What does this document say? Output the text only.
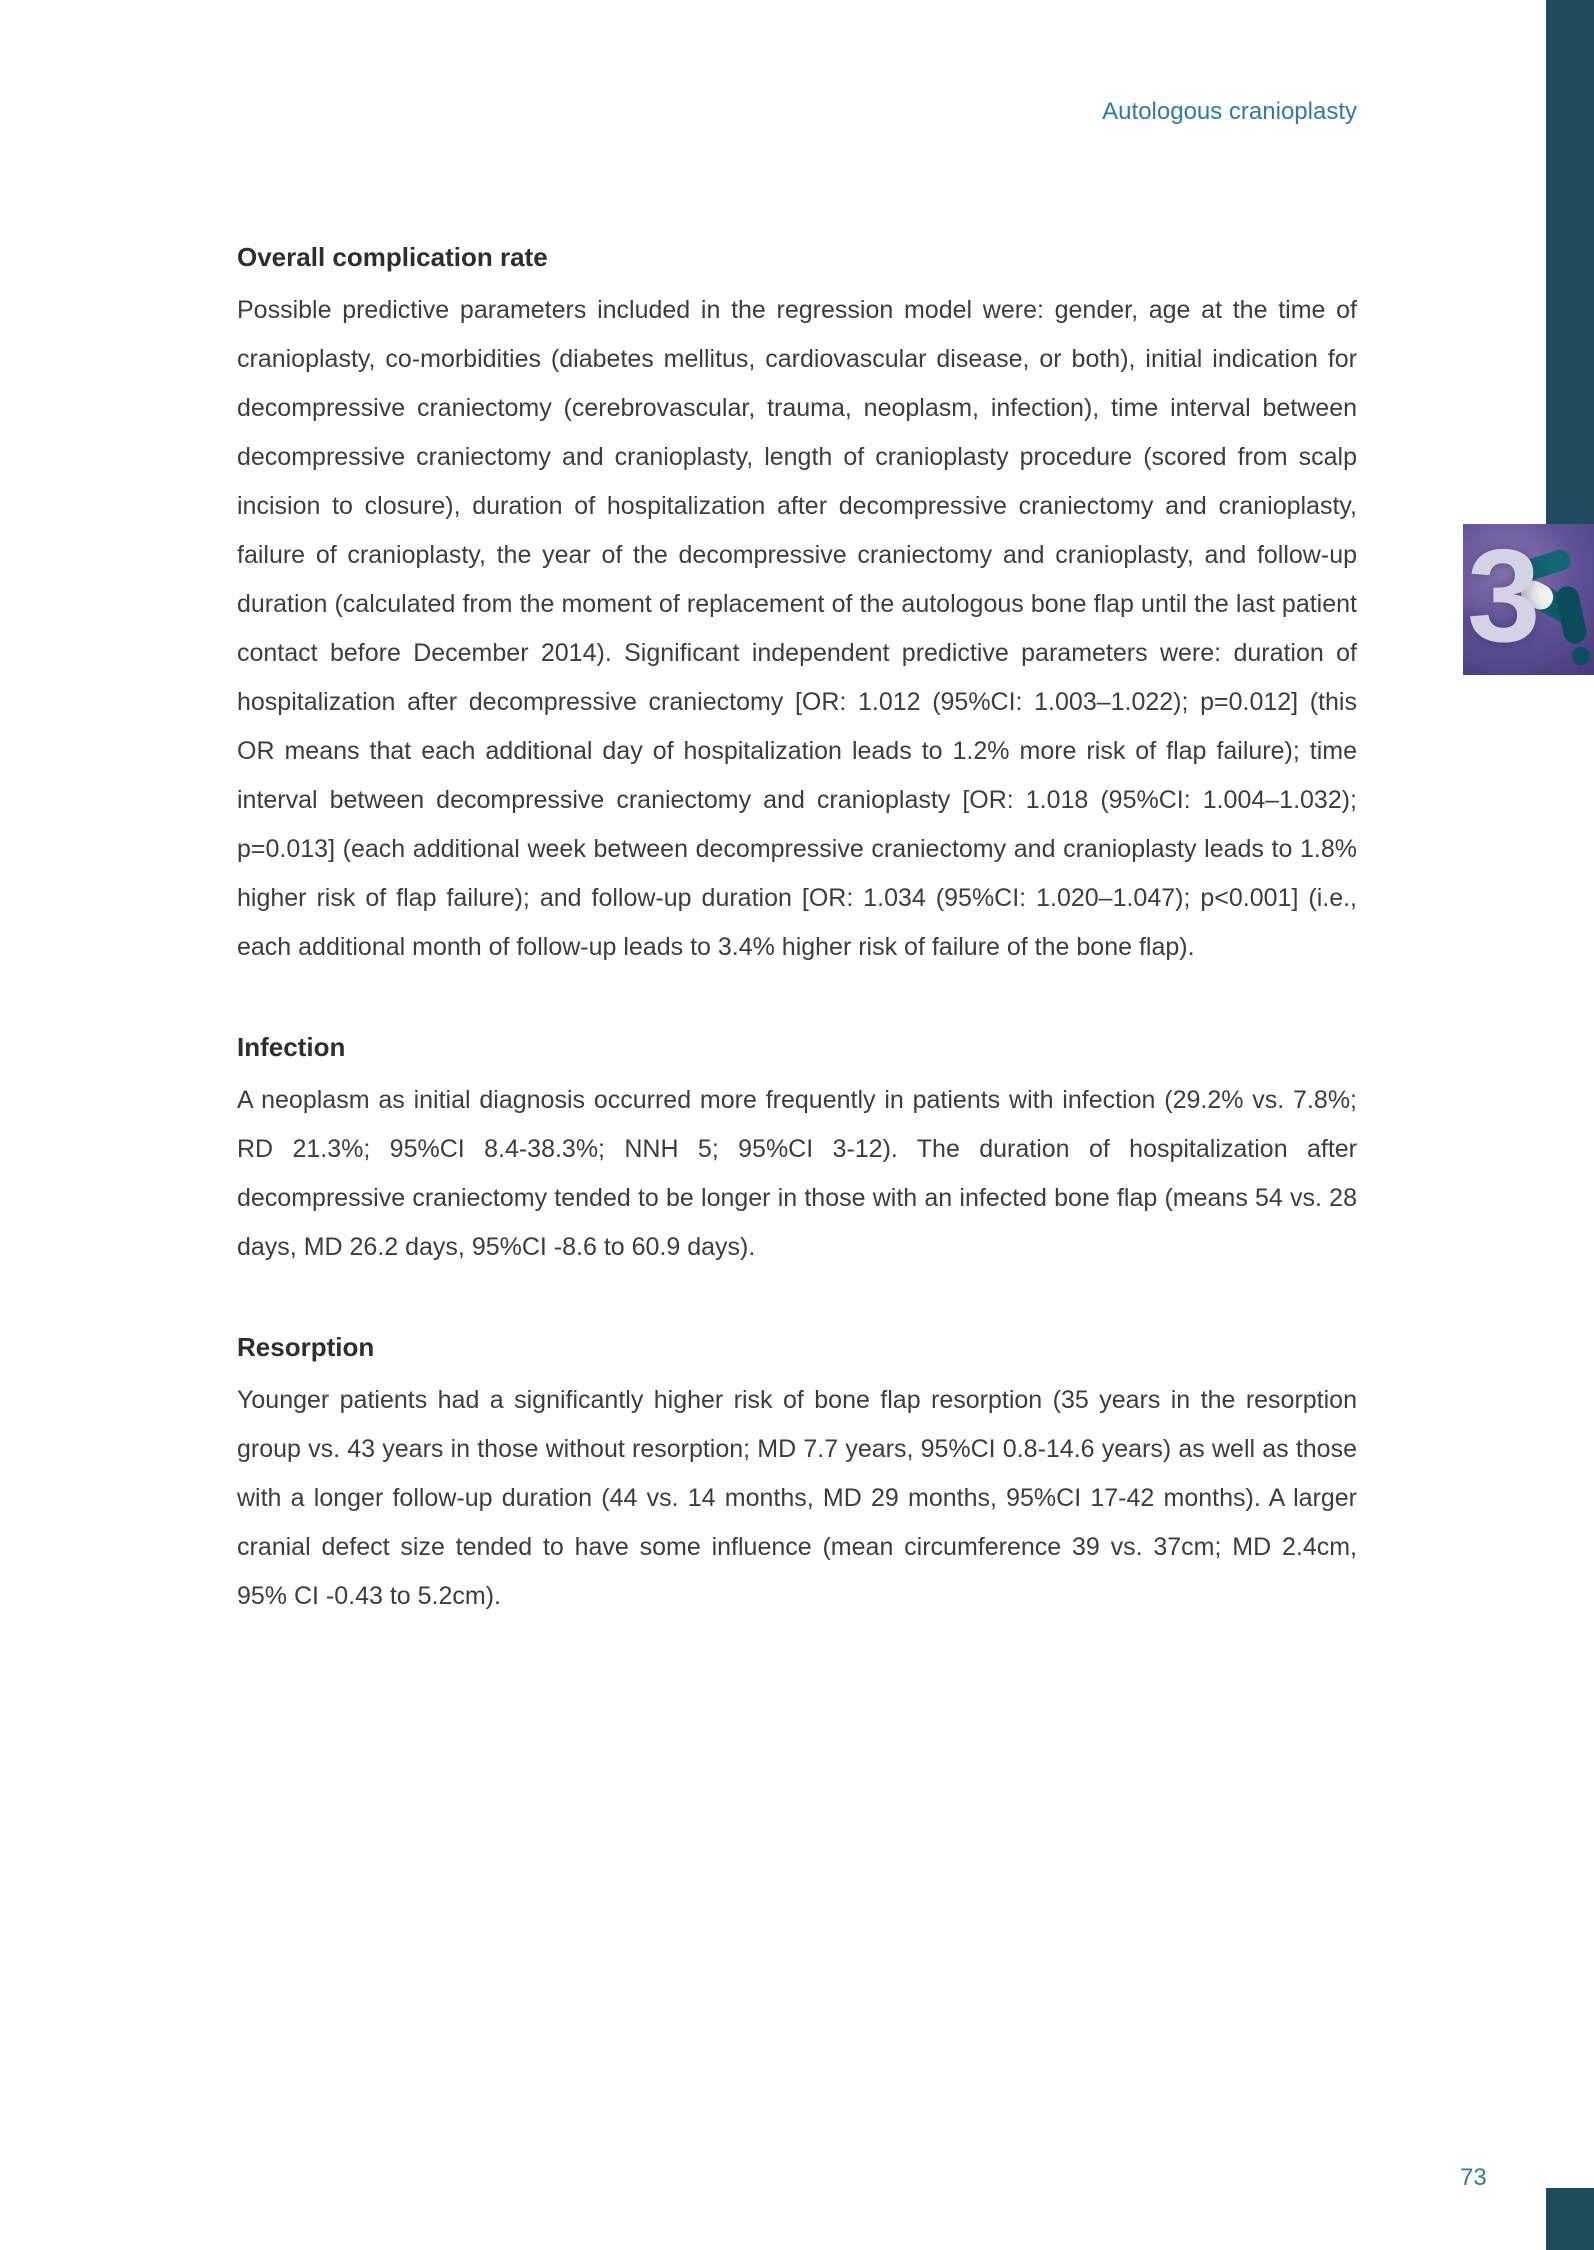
3
Autologous cranioplasty
Overall complication rate

Possible predictive parameters included in the regression model were: gender, age at the time of cranioplasty, co-morbidities (diabetes mellitus, cardiovascular disease, or both), initial indication for decompressive craniectomy (cerebrovascular, trauma, neoplasm, infection), time interval between decompressive craniectomy and cranioplasty, length of cranioplasty procedure (scored from scalp incision to closure), duration of hospitalization after decompressive craniectomy and cranioplasty, failure of cranioplasty, the year of the decompressive craniectomy and cranioplasty, and follow-up duration (calculated from the moment of replacement of the autologous bone flap until the last patient contact before December 2014). Significant independent predictive parameters were: duration of hospitalization after decompressive craniectomy [OR: 1.012 (95%CI: 1.003–1.022); p=0.012] (this OR means that each additional day of hospitalization leads to 1.2% more risk of flap failure); time interval between decompressive craniectomy and cranioplasty [OR: 1.018 (95%CI: 1.004–1.032); p=0.013] (each additional week between decompressive craniectomy and cranioplasty leads to 1.8% higher risk of flap failure); and follow-up duration [OR: 1.034 (95%CI: 1.020–1.047); p<0.001] (i.e., each additional month of follow-up leads to 3.4% higher risk of failure of the bone flap).

Infection

A neoplasm as initial diagnosis occurred more frequently in patients with infection (29.2% vs. 7.8%; RD 21.3%; 95%CI 8.4-38.3%; NNH 5; 95%CI 3-12). The duration of hospitalization after decompressive craniectomy tended to be longer in those with an infected bone flap (means 54 vs. 28 days, MD 26.2 days, 95%CI -8.6 to 60.9 days).

Resorption

Younger patients had a significantly higher risk of bone flap resorption (35 years in the resorption group vs. 43 years in those without resorption; MD 7.7 years, 95%CI 0.8-14.6 years) as well as those with a longer follow-up duration (44 vs. 14 months, MD 29 months, 95%CI 17-42 months). A larger cranial defect size tended to have some influence (mean circumference 39 vs. 37cm; MD 2.4cm, 95% CI -0.43 to 5.2cm).

73
